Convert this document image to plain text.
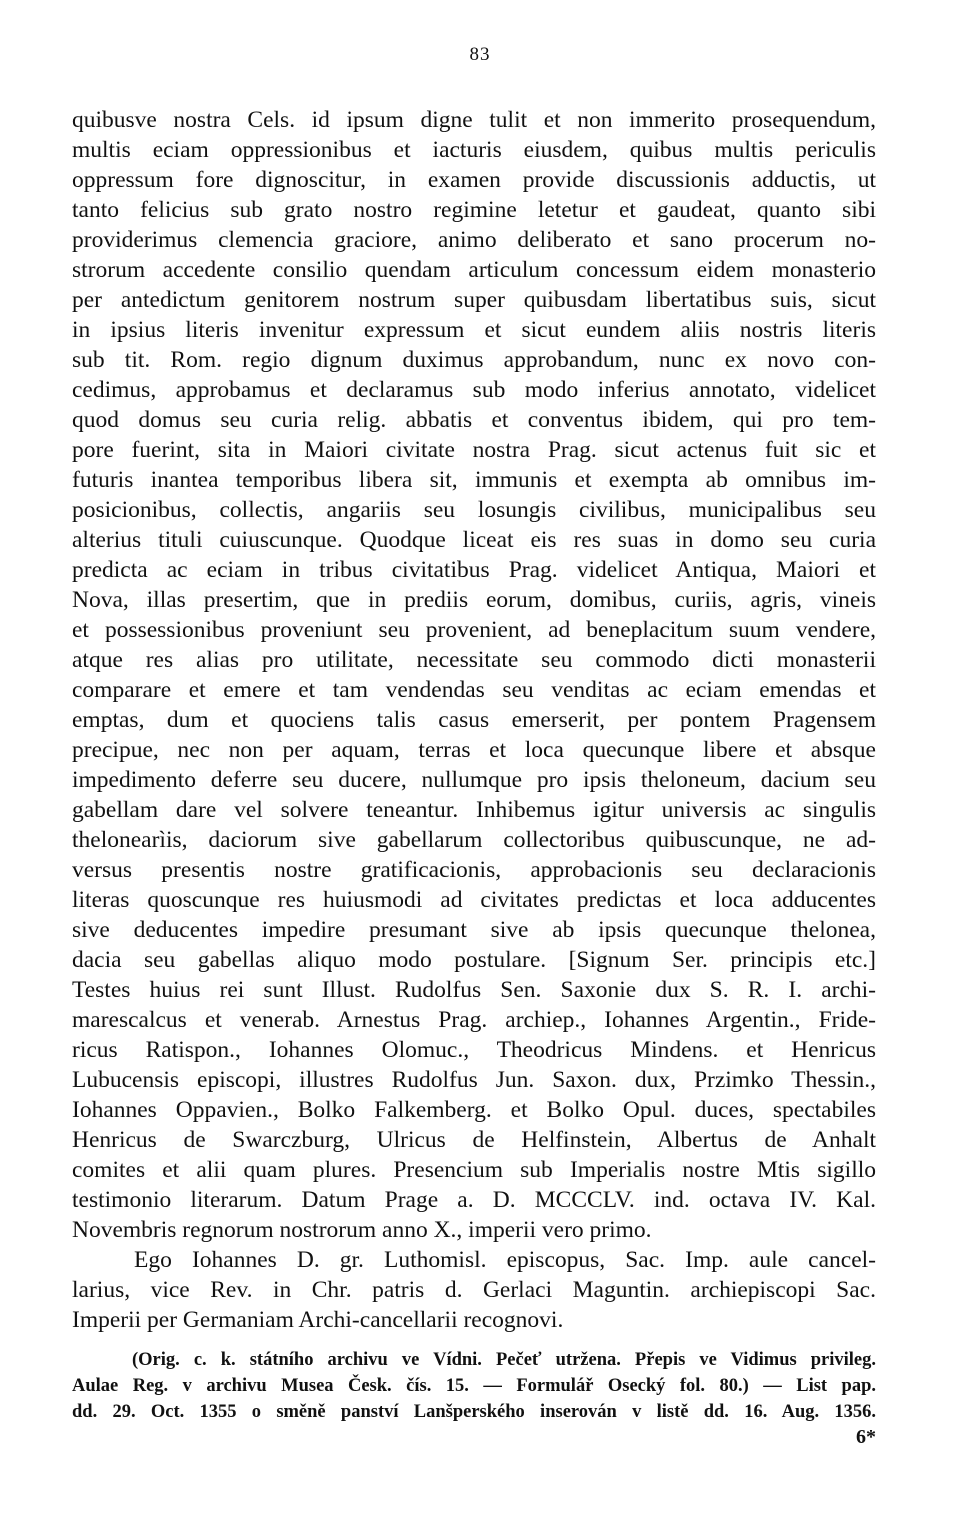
83
quibusve nostra Cels. id ipsum digne tulit et non immerito prosequendum,
multis eciam oppressionibus et iacturis eiusdem, quibus multis periculis
oppressum fore dignoscitur, in examen provide discussionis adductis, ut
tanto felicius sub grato nostro regimine letetur et gaudeat, quanto sibi
providerimus clemencia graciore, animo deliberato et sano procerum no-
strorum accedente consilio quendam articulum concessum eidem monasterio
per antedictum genitorem nostrum super quibusdam libertatibus suis, sicut
in ipsius literis invenitur expressum et sicut eundem aliis nostris literis
sub tit. Rom. regio dignum duximus approbandum, nunc ex novo con-
cedimus, approbamus et declaramus sub modo inferius annotato, videlicet
quod domus seu curia relig. abbatis et conventus ibidem, qui pro tem-
pore fuerint, sita in Maiori civitate nostra Prag. sicut actenus fuit sic et
futuris inantea temporibus libera sit, immunis et exempta ab omnibus im-
posicionibus, collectis, angariis seu losungis civilibus, municipalibus seu
alterius tituli cuiuscunque. Quodque liceat eis res suas in domo seu curia
predicta ac eciam in tribus civitatibus Prag. videlicet Antiqua, Maiori et
Nova, illas presertim, que in prediis eorum, domibus, curiis, agris, vineis
et possessionibus proveniunt seu provenient, ad beneplacitum suum vendere,
atque res alias pro utilitate, necessitate seu commodo dicti monasterii
comparare et emere et tam vendendas seu venditas ac eciam emendas et
emptas, dum et quociens talis casus emerserit, per pontem Pragensem
precipue, nec non per aquam, terras et loca quecunque libere et absque
impedimento deferre seu ducere, nullumque pro ipsis theloneum, dacium seu
gabellam dare vel solvere teneantur. Inhibemus igitur universis ac singulis
thelonearìis, daciorum sive gabellarum collectoribus quibuscunque, ne ad-
versus presentis nostre gratificacionis, approbacionis seu declaracionis
literas quoscunque res huiusmodi ad civitates predictas et loca adducentes
sive deducentes impedire presumant sive ab ipsis quecunque thelonea,
dacia seu gabellas aliquo modo postulare. [Signum Ser. principis etc.]
Testes huius rei sunt Illust. Rudolfus Sen. Saxonie dux S. R. I. archi-
marescalcus et venerab. Arnestus Prag. archiep., Iohannes Argentin., Fride-
ricus Ratispon., Iohannes Olomuc., Theodricus Mindens. et Henricus
Lubucensis episcopi, illustres Rudolfus Jun. Saxon. dux, Przimko Thessin.,
Iohannes Oppavien., Bolko Falkemberg. et Bolko Opul. duces, spectabiles
Henricus de Swarczburg, Ulricus de Helfinstein, Albertus de Anhalt
comites et alii quam plures. Presencium sub Imperialis nostre Mtis sigillo
testimonio literarum. Datum Prage a. D. MCCCLV. ind. octava IV. Kal.
Novembris regnorum nostrorum anno X., imperii vero primo.
Ego Iohannes D. gr. Luthomisl. episcopus, Sac. Imp. aule cancel-
larius, vice Rev. in Chr. patris d. Gerlaci Maguntin. archiepiscopi Sac.
Imperii per Germaniam Archi-cancellarii recognovi.
(Orig. c. k. státního archivu ve Vídni. Pečeť utržena. Přepis ve Vidimus privileg.
Aulae Reg. v archivu Musea Česk. čís. 15. — Formulář Osecký fol. 80.) — List pap.
dd. 29. Oct. 1355 o směně panství Lanšperského inserován v listě dd. 16. Aug. 1356.
6*
